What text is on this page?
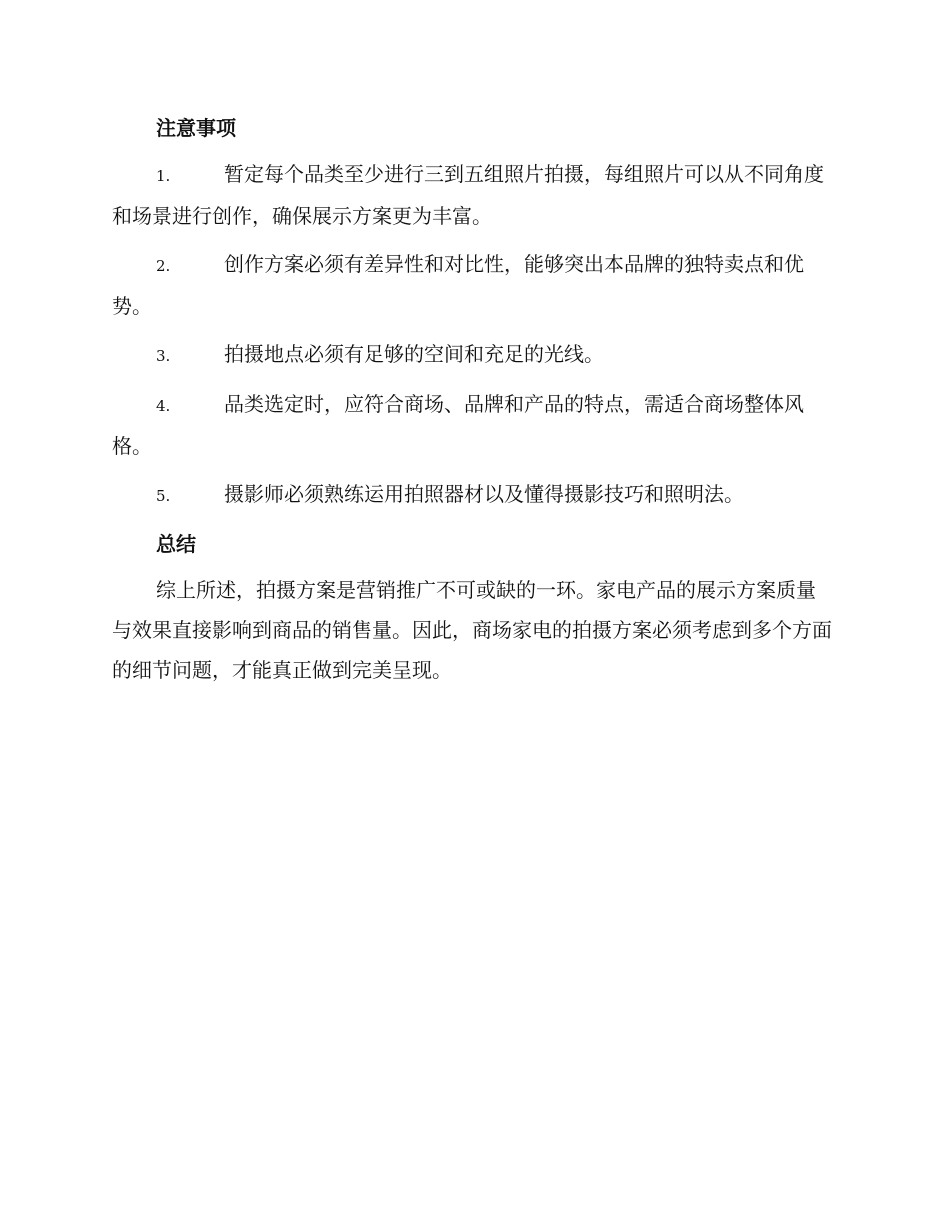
注意事项
1.	暂定每个品类至少进行三到五组照片拍摄，每组照片可以从不同角度和场景进行创作，确保展示方案更为丰富。
2.	创作方案必须有差异性和对比性，能够突出本品牌的独特卖点和优势。
3.	拍摄地点必须有足够的空间和充足的光线。
4.	品类选定时，应符合商场、品牌和产品的特点，需适合商场整体风格。
5.	摄影师必须熟练运用拍照器材以及懂得摄影技巧和照明法。
总结

综上所述，拍摄方案是营销推广不可或缺的一环。家电产品的展示方案质量与效果直接影响到商品的销售量。因此，商场家电的拍摄方案必须考虑到多个方面的细节问题，才能真正做到完美呈现。
